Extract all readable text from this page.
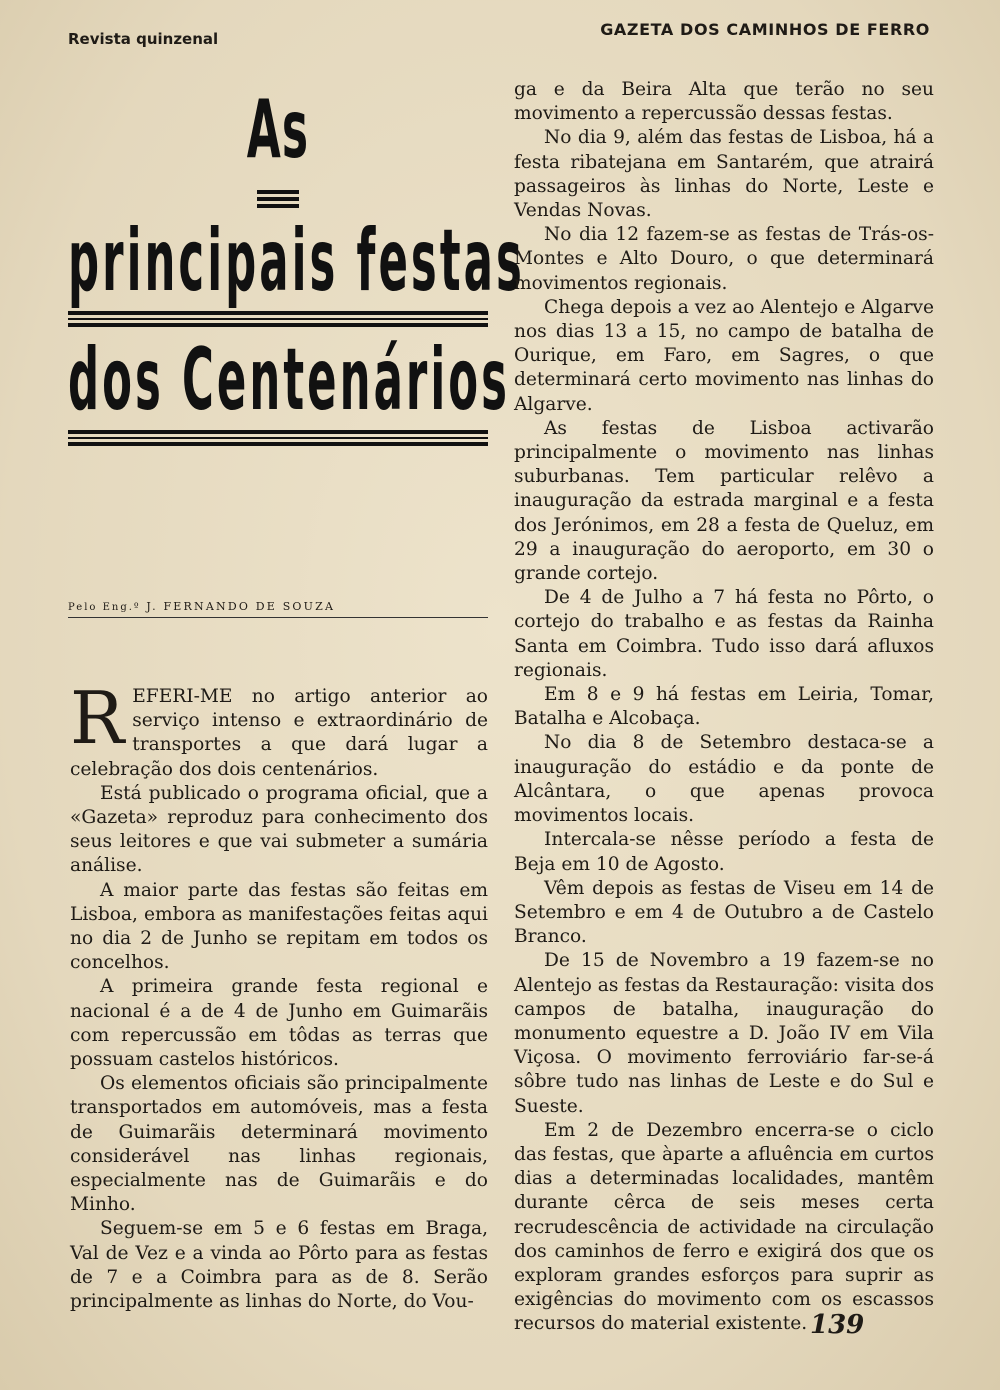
Revista quinzenal	GAZETA DOS CAMINHOS DE FERRO
As
principais festas
dos Centenários
Pelo Eng.º J. FERNANDO DE SOUZA

REFERI-ME no artigo anterior ao serviço intenso e extraordinário de transportes a que dará lugar a celebração dos dois centenários.

Está publicado o programa oficial, que a «Gazeta» reproduz para conhecimento dos seus leitores e que vai submeter a sumária análise.

A maior parte das festas são feitas em Lisboa, embora as manifestações feitas aqui no dia 2 de Junho se repitam em todos os concelhos.

A primeira grande festa regional e nacional é a de 4 de Junho em Guimarãis com repercussão em tôdas as terras que possuam castelos históricos.

Os elementos oficiais são principalmente transportados em automóveis, mas a festa de Guimarãis determinará movimento considerável nas linhas regionais, especialmente nas de Guimarãis e do Minho.

Seguem-se em 5 e 6 festas em Braga, Val de Vez e a vinda ao Pôrto para as festas de 7 e a Coimbra para as de 8. Serão principalmente as linhas do Norte, do Vou-

ga e da Beira Alta que terão no seu movimento a repercussão dessas festas.

No dia 9, além das festas de Lisboa, há a festa ribatejana em Santarém, que atrairá passageiros às linhas do Norte, Leste e Vendas Novas.

No dia 12 fazem-se as festas de Trás-os-Montes e Alto Douro, o que determinará movimentos regionais.

Chega depois a vez ao Alentejo e Algarve nos dias 13 a 15, no campo de batalha de Ourique, em Faro, em Sagres, o que determinará certo movimento nas linhas do Algarve.

As festas de Lisboa activarão principalmente o movimento nas linhas suburbanas. Tem particular relêvo a inauguração da estrada marginal e a festa dos Jerónimos, em 28 a festa de Queluz, em 29 a inauguração do aeroporto, em 30 o grande cortejo.

De 4 de Julho a 7 há festa no Pôrto, o cortejo do trabalho e as festas da Rainha Santa em Coimbra. Tudo isso dará afluxos regionais.

Em 8 e 9 há festas em Leiria, Tomar, Batalha e Alcobaça.

No dia 8 de Setembro destaca-se a inauguração do estádio e da ponte de Alcântara, o que apenas provoca movimentos locais.

Intercala-se nêsse período a festa de Beja em 10 de Agosto.

Vêm depois as festas de Viseu em 14 de Setembro e em 4 de Outubro a de Castelo Branco.

De 15 de Novembro a 19 fazem-se no Alentejo as festas da Restauração: visita dos campos de batalha, inauguração do monumento equestre a D. João IV em Vila Viçosa. O movimento ferroviário far-se-á sôbre tudo nas linhas de Leste e do Sul e Sueste.

Em 2 de Dezembro encerra-se o ciclo das festas, que àparte a afluência em curtos dias a determinadas localidades, mantêm durante cêrca de seis meses certa recrudescência de actividade na circulação dos caminhos de ferro e exigirá dos que os exploram grandes esforços para suprir as exigências do movimento com os escassos recursos do material existente. 139
